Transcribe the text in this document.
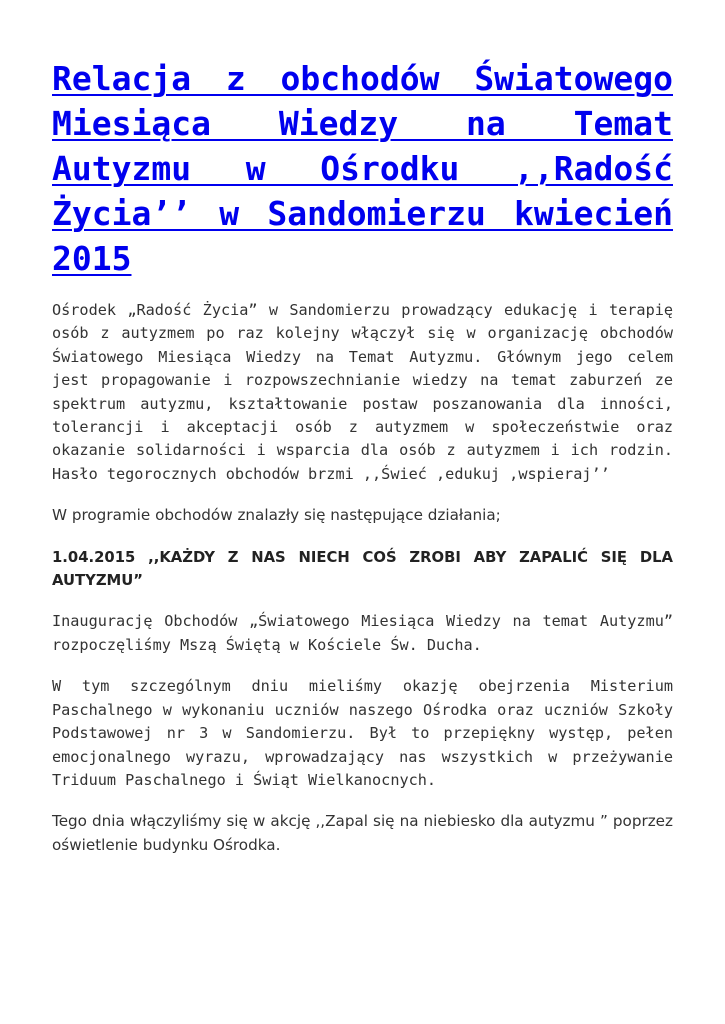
Relacja z obchodów Światowego Miesiąca Wiedzy na Temat Autyzmu w Ośrodku ,,Radość Życia’’ w Sandomierzu kwiecień 2015

Ośrodek „Radość Życia” w Sandomierzu prowadzący edukację i terapię osób z autyzmem po raz kolejny włączył się w organizację obchodów Światowego Miesiąca Wiedzy na Temat Autyzmu. Głównym jego celem jest propagowanie i rozpowszechnianie wiedzy na temat zaburzeń ze spektrum autyzmu, kształtowanie postaw poszanowania dla inności, tolerancji i akceptacji osób z autyzmem w społeczeństwie oraz okazanie solidarności i wsparcia dla osób z autyzmem i ich rodzin. Hasło tegorocznych obchodów brzmi ,,Świeć ,edukuj ,wspieraj’’

W programie obchodów znalazły się następujące działania;

1.04.2015 ,,KAŻDY Z NAS NIECH COŚ ZROBI ABY ZAPALIĆ SIĘ DLA AUTYZMU”

Inaugurację Obchodów „Światowego Miesiąca Wiedzy na temat Autyzmu” rozpoczęliśmy Mszą Świętą w Kościele Św. Ducha.

W tym szczególnym dniu mieliśmy okazję obejrzenia Misterium Paschalnego w wykonaniu uczniów naszego Ośrodka oraz uczniów Szkoły Podstawowej nr 3 w Sandomierzu. Był to przepiękny występ, pełen emocjonalnego wyrazu, wprowadzający nas wszystkich w przeżywanie Triduum Paschalnego i Świąt Wielkanocnych.

Tego dnia włączyliśmy się w akcję ,,Zapal się na niebiesko dla autyzmu ” poprzez oświetlenie budynku Ośrodka.
